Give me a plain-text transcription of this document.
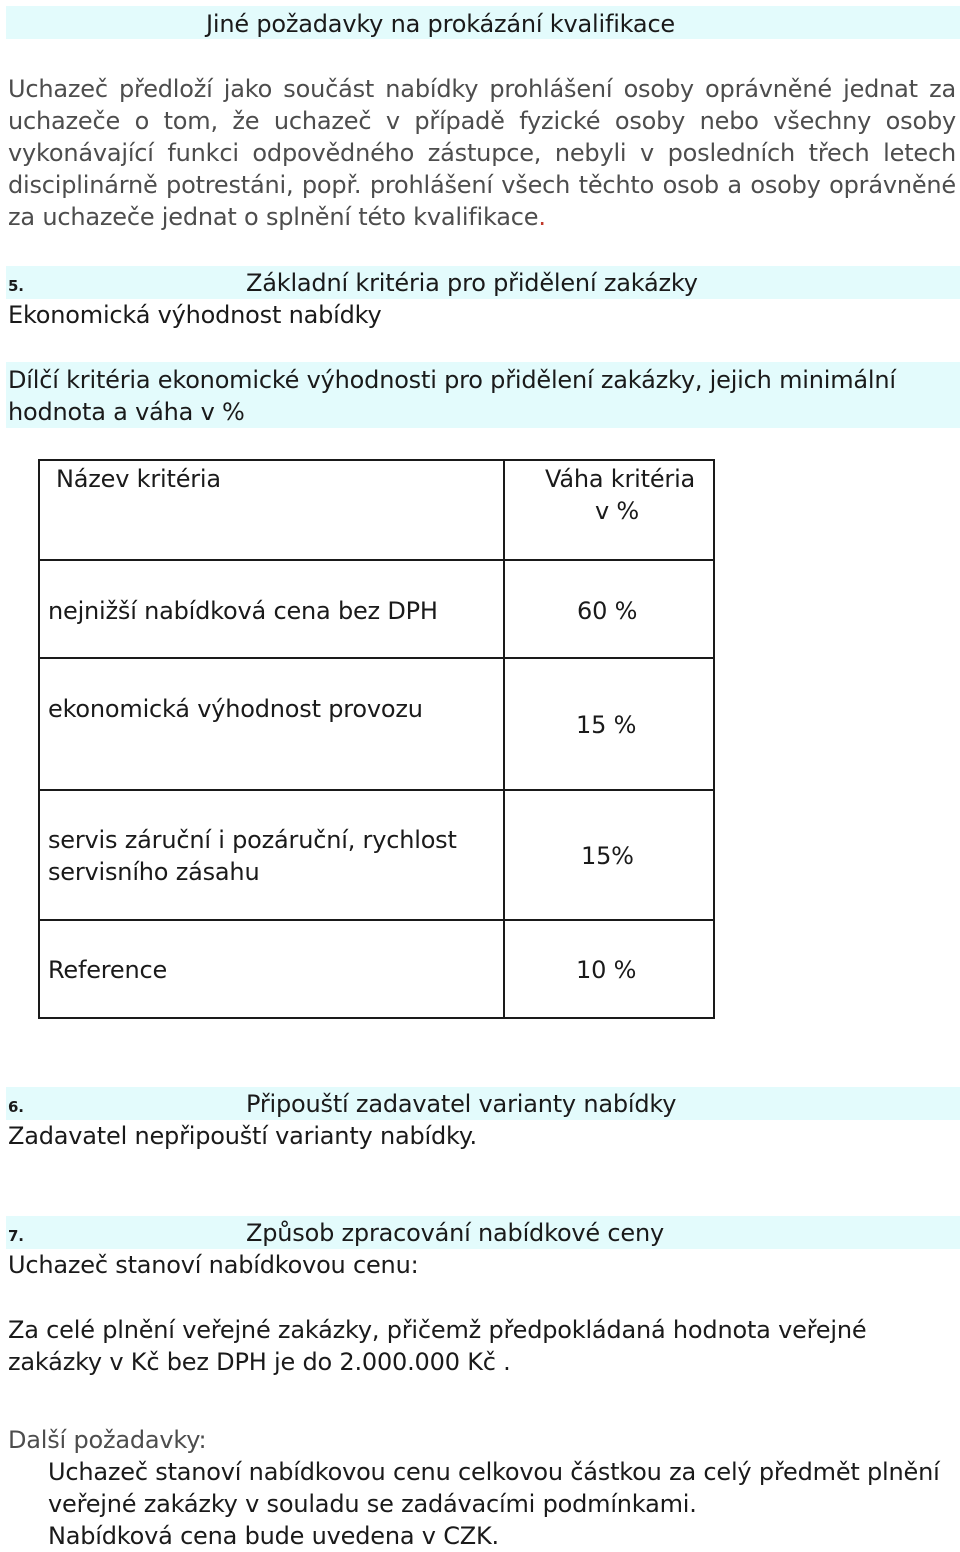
Jiné požadavky na prokázání kvalifikace
Uchazeč předloží jako součást nabídky prohlášení osoby oprávněné jednat za uchazeče o tom, že uchazeč v případě fyzické osoby nebo všechny osoby vykonávající funkci odpovědného zástupce, nebyli v posledních třech letech disciplinárně potrestáni, popř. prohlášení všech těchto osob a osoby oprávněné za uchazeče jednat o splnění této kvalifikace.
5.	Základní kritéria pro přidělení zakázky
Ekonomická výhodnost nabídky
Dílčí kritéria ekonomické výhodnosti pro přidělení zakázky, jejich minimální
hodnota a váha v %
Název kritéria	Váha kritéria
v %

nejnižší nabídková cena bez DPH	60 %

ekonomická výhodnost provozu	15 %

servis záruční i pozáruční, rychlost
servisního zásahu	15%

Reference	10 %
6.	Připouští zadavatel varianty nabídky
Zadavatel nepřipouští varianty nabídky.
7.	Způsob zpracování nabídkové ceny
Uchazeč stanoví nabídkovou cenu:
Za celé plnění veřejné zakázky, přičemž předpokládaná hodnota veřejné
zakázky v Kč bez DPH je do 2.000.000 Kč .
Další požadavky:
Uchazeč stanoví nabídkovou cenu celkovou částkou za celý předmět plnění
veřejné zakázky v souladu se zadávacími podmínkami.
Nabídková cena bude uvedena v CZK.
